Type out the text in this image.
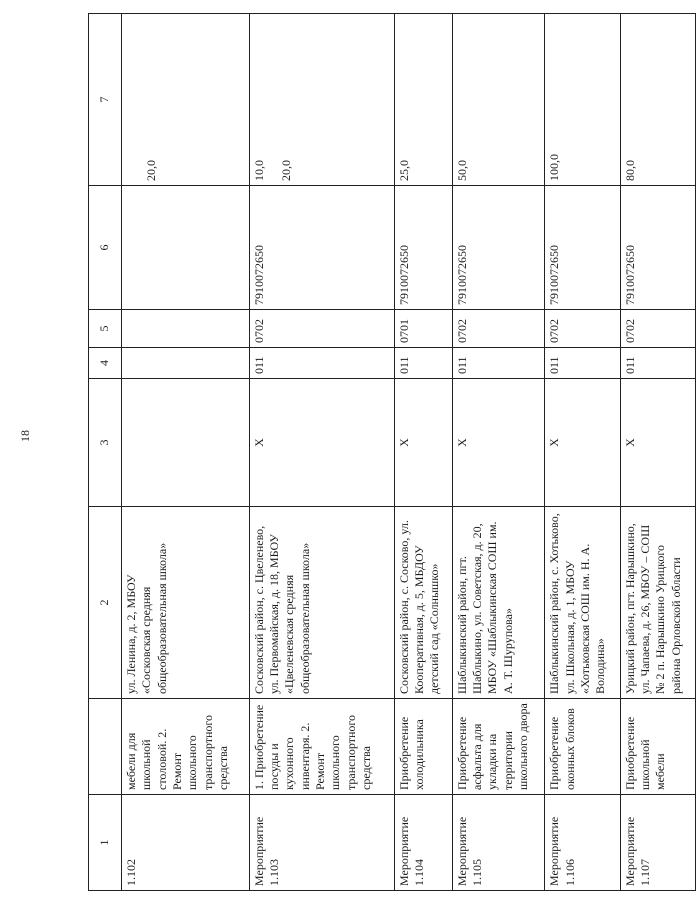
18
1		2	3	4	5	6		7
1.102	мебели для школьной столовой. 2. Ремонт школьного транспортного средства	ул. Ленина, д. 2, МБОУ «Сосковская средняя общеобразовательная школа»						20,0

Мероприятие 1.103	1. Приобретение посуды и кухонного инвентаря. 2. Ремонт школьного транспортного средства	Сосковский район, с. Цвеленево, ул. Первомайская, д. 18, МБОУ «Цвеленевская средняя общеобразовательная школа»	Х	011	0702	7910072650		10,0 20,0

Мероприятие 1.104	Приобретение холодильника	Сосковский район, с. Сосково, ул. Кооперативная, д. 5, МБДОУ детский сад «Солнышко»	Х	011	0701	7910072650		25,0

Мероприятие 1.105	Приобретение асфальта для укладки на территории школьного двора	Шаблыкинский район, пгт. Шаблыкино, ул. Советская, д. 20, МБОУ «Шаблыкинская СОШ им. А. Т. Шурупова»	Х	011	0702	7910072650		50,0

Мероприятие 1.106	Приобретение оконных блоков	Шаблыкинский район, с. Хотьково, ул. Школьная, д. 1, МБОУ «Хотьковская СОШ им. Н. А. Володина»	Х	011	0702	7910072650		100,0

Мероприятие 1.107	Приобретение школьной мебели	Урицкий район, пгт. Нарышкино, ул. Чапаева, д. 26, МБОУ – СОШ № 2 п. Нарышкино Урицкого района Орловской области	Х	011	0702	7910072650		80,0
